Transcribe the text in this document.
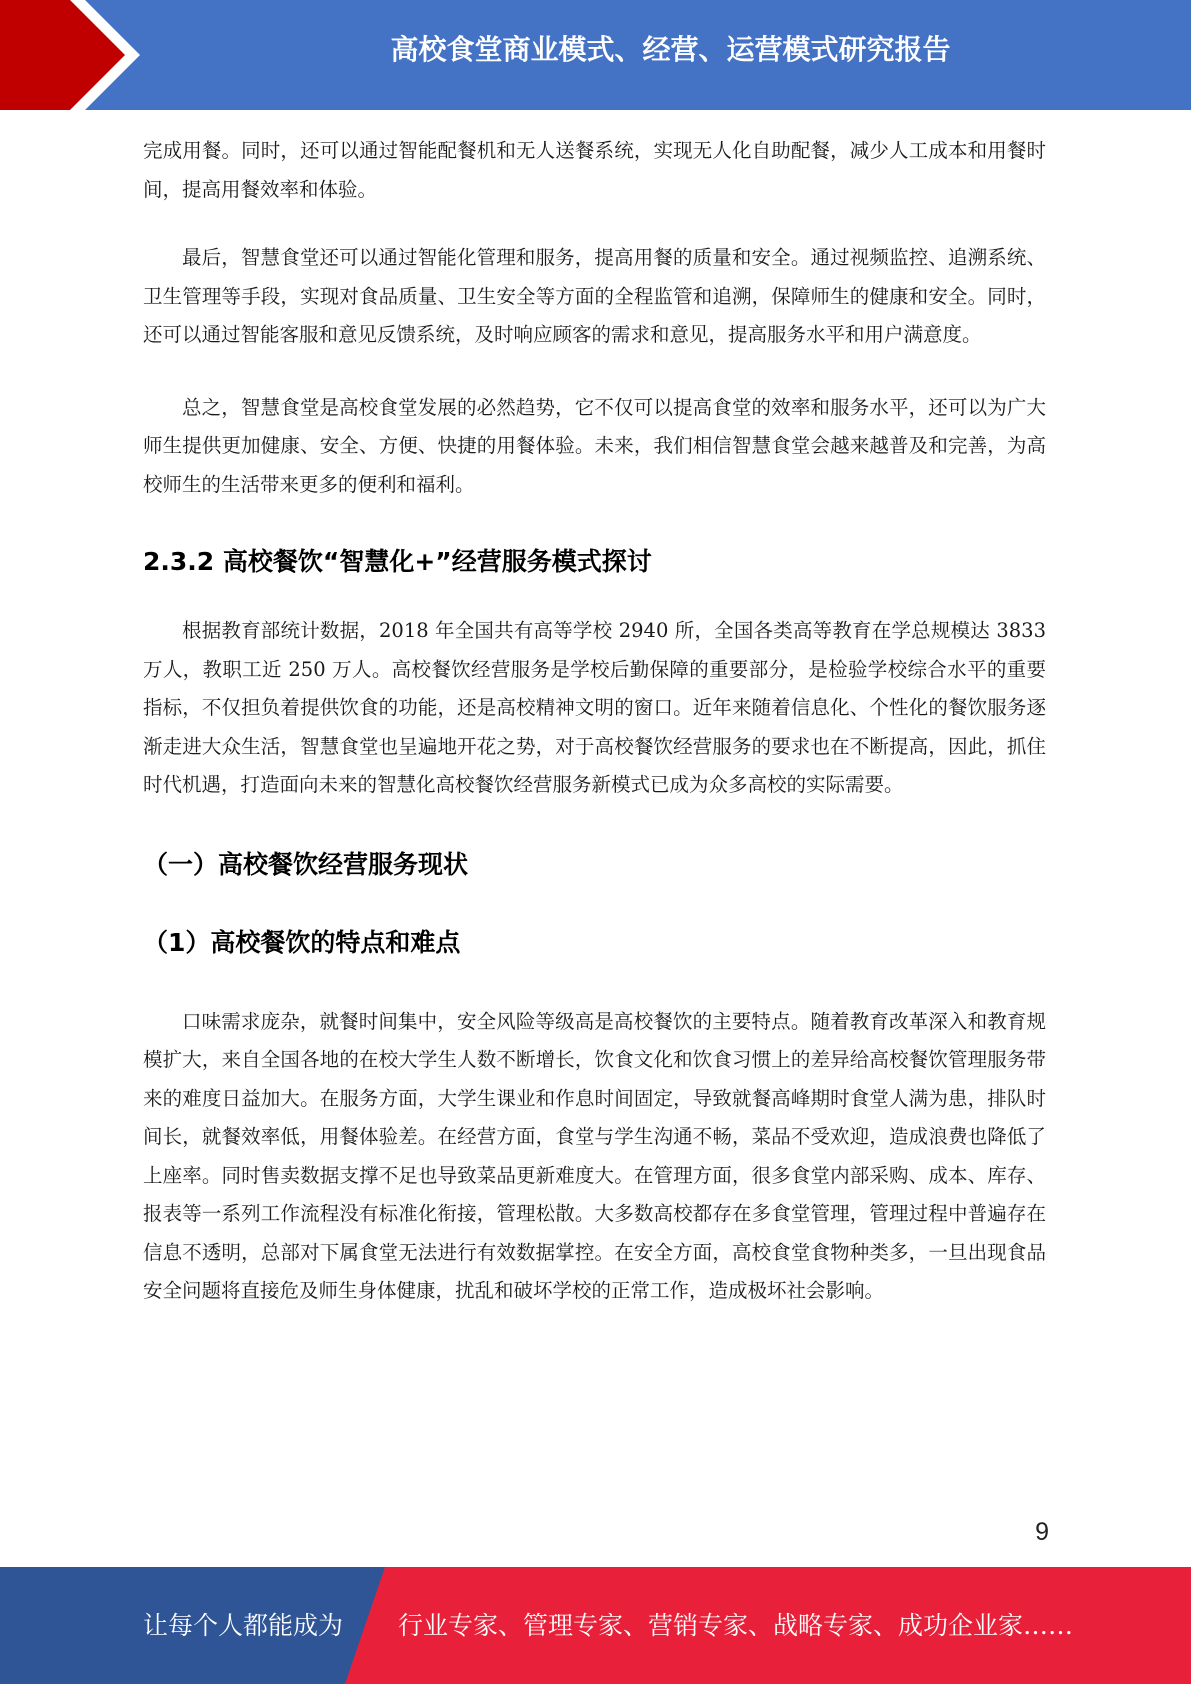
高校食堂商业模式、经营、运营模式研究报告

完成用餐。同时，还可以通过智能配餐机和无人送餐系统，实现无人化自助配餐，减少人工成本和用餐时间，提高用餐效率和体验。

最后，智慧食堂还可以通过智能化管理和服务，提高用餐的质量和安全。通过视频监控、追溯系统、卫生管理等手段，实现对食品质量、卫生安全等方面的全程监管和追溯，保障师生的健康和安全。同时，还可以通过智能客服和意见反馈系统，及时响应顾客的需求和意见，提高服务水平和用户满意度。

总之，智慧食堂是高校食堂发展的必然趋势，它不仅可以提高食堂的效率和服务水平，还可以为广大师生提供更加健康、安全、方便、快捷的用餐体验。未来，我们相信智慧食堂会越来越普及和完善，为高校师生的生活带来更多的便利和福利。

2.3.2 高校餐饮“智慧化+”经营服务模式探讨

根据教育部统计数据，2018 年全国共有高等学校 2940 所，全国各类高等教育在学总规模达 3833 万人，教职工近 250 万人。高校餐饮经营服务是学校后勤保障的重要部分，是检验学校综合水平的重要指标，不仅担负着提供饮食的功能，还是高校精神文明的窗口。近年来随着信息化、个性化的餐饮服务逐渐走进大众生活，智慧食堂也呈遍地开花之势，对于高校餐饮经营服务的要求也在不断提高，因此，抓住时代机遇，打造面向未来的智慧化高校餐饮经营服务新模式已成为众多高校的实际需要。

（一）高校餐饮经营服务现状
（1）高校餐饮的特点和难点

口味需求庞杂，就餐时间集中，安全风险等级高是高校餐饮的主要特点。随着教育改革深入和教育规模扩大，来自全国各地的在校大学生人数不断增长，饮食文化和饮食习惯上的差异给高校餐饮管理服务带来的难度日益加大。在服务方面，大学生课业和作息时间固定，导致就餐高峰期时食堂人满为患，排队时间长，就餐效率低，用餐体验差。在经营方面，食堂与学生沟通不畅，菜品不受欢迎，造成浪费也降低了上座率。同时售卖数据支撑不足也导致菜品更新难度大。在管理方面，很多食堂内部采购、成本、库存、报表等一系列工作流程没有标准化衔接，管理松散。大多数高校都存在多食堂管理，管理过程中普遍存在信息不透明，总部对下属食堂无法进行有效数据掌控。在安全方面，高校食堂食物种类多，一旦出现食品安全问题将直接危及师生身体健康，扰乱和破坏学校的正常工作，造成极坏社会影响。

9
让每个人都能成为 行业专家、管理专家、营销专家、战略专家、成功企业家……
